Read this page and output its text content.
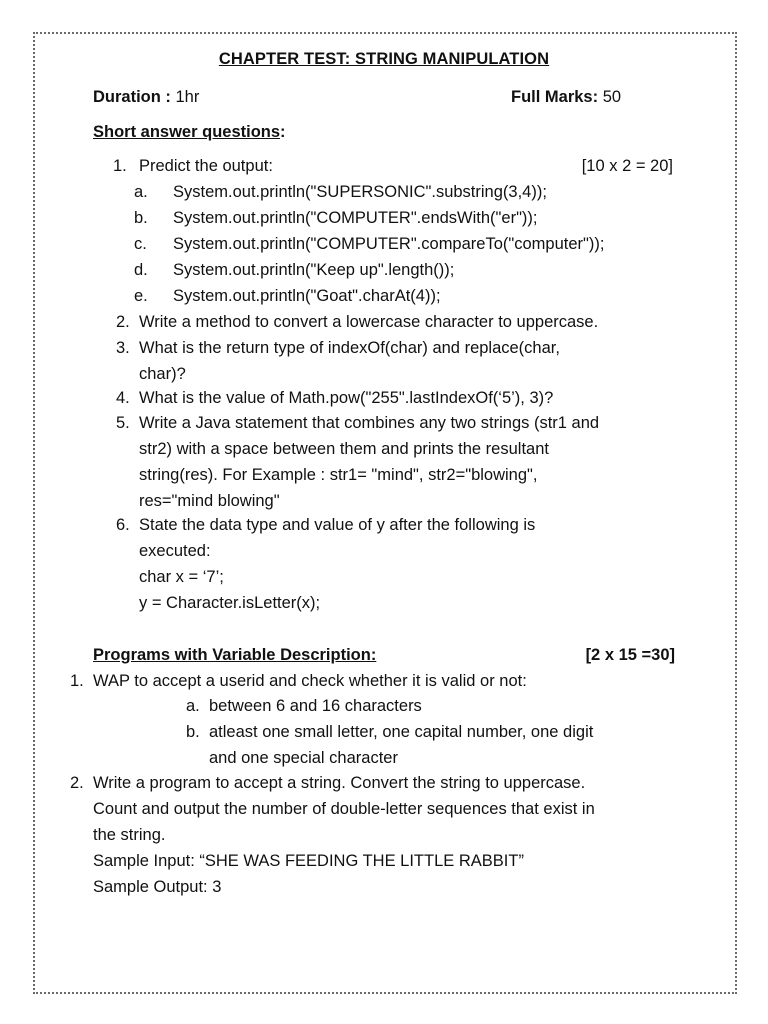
CHAPTER TEST: STRING MANIPULATION
Duration : 1hr	Full Marks: 50
Short answer questions:
1. Predict the output:	[10 x 2 = 20]
a. System.out.println("SUPERSONIC".substring(3,4));
b. System.out.println("COMPUTER".endsWith("er"));
c. System.out.println("COMPUTER".compareTo("computer"));
d. System.out.println("Keep up".length());
e. System.out.println("Goat".charAt(4));
2. Write a method to convert a lowercase character to uppercase.
3. What is the return type of indexOf(char) and replace(char,
char)?
4. What is the value of Math.pow("255".lastIndexOf(‘5’), 3)?
5. Write a Java statement that combines any two strings (str1 and
str2) with a space between them and prints the resultant
string(res). For Example : str1= "mind", str2="blowing",
res="mind blowing"
6. State the data type and value of y after the following is
executed:
char x = ‘7’;
y = Character.isLetter(x);
Programs with Variable Description:	[2 x 15 =30]
1. WAP to accept a userid and check whether it is valid or not:
a. between 6 and 16 characters
b. atleast one small letter, one capital number, one digit
and one special character
2. Write a program to accept a string. Convert the string to uppercase.
Count and output the number of double-letter sequences that exist in
the string.
Sample Input: “SHE WAS FEEDING THE LITTLE RABBIT”
Sample Output: 3
